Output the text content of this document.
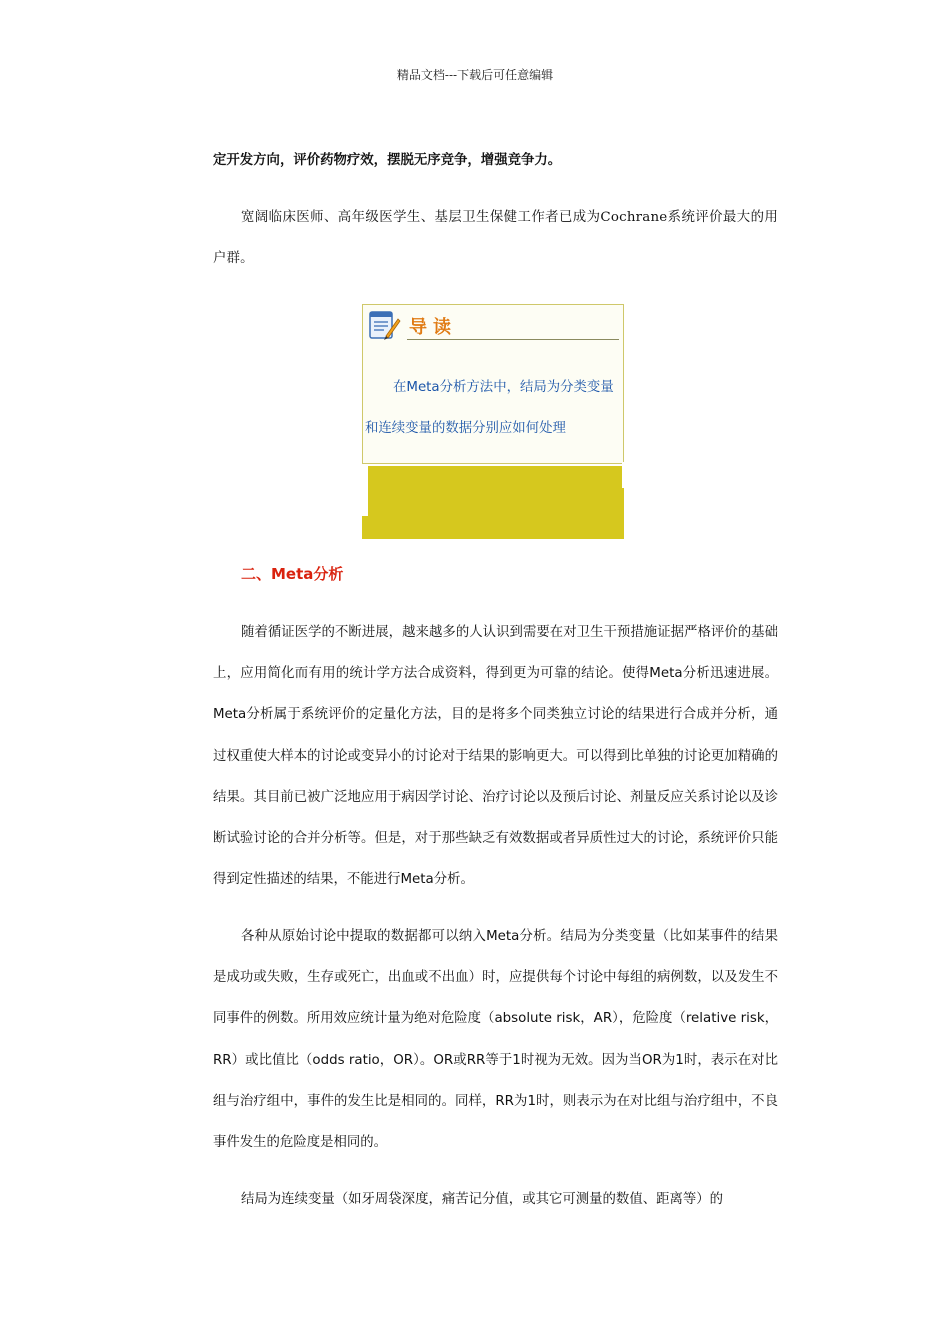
精品文档---下载后可任意编辑

定开发方向，评价药物疗效，摆脱无序竞争，增强竞争力。

宽阔临床医师、高年级医学生、基层卫生保健工作者已成为Cochrane系统评价最大的用户群。

导读

在Meta分析方法中，结局为分类变量和连续变量的数据分别应如何处理

二、Meta分析

随着循证医学的不断进展，越来越多的人认识到需要在对卫生干预措施证据严格评价的基础上，应用简化而有用的统计学方法合成资料，得到更为可靠的结论。使得Meta分析迅速进展。Meta分析属于系统评价的定量化方法，目的是将多个同类独立讨论的结果进行合成并分析，通过权重使大样本的讨论或变异小的讨论对于结果的影响更大。可以得到比单独的讨论更加精确的结果。其目前已被广泛地应用于病因学讨论、治疗讨论以及预后讨论、剂量反应关系讨论以及诊断试验讨论的合并分析等。但是，对于那些缺乏有效数据或者异质性过大的讨论，系统评价只能得到定性描述的结果，不能进行Meta分析。

各种从原始讨论中提取的数据都可以纳入Meta分析。结局为分类变量（比如某事件的结果是成功或失败，生存或死亡，出血或不出血）时，应提供每个讨论中每组的病例数，以及发生不同事件的例数。所用效应统计量为绝对危险度（absolute risk，AR），危险度（relative risk，RR）或比值比（odds ratio，OR）。OR或RR等于1时视为无效。因为当OR为1时，表示在对比组与治疗组中，事件的发生比是相同的。同样，RR为1时，则表示为在对比组与治疗组中，不良事件发生的危险度是相同的。

结局为连续变量（如牙周袋深度，痛苦记分值，或其它可测量的数值、距离等）的
